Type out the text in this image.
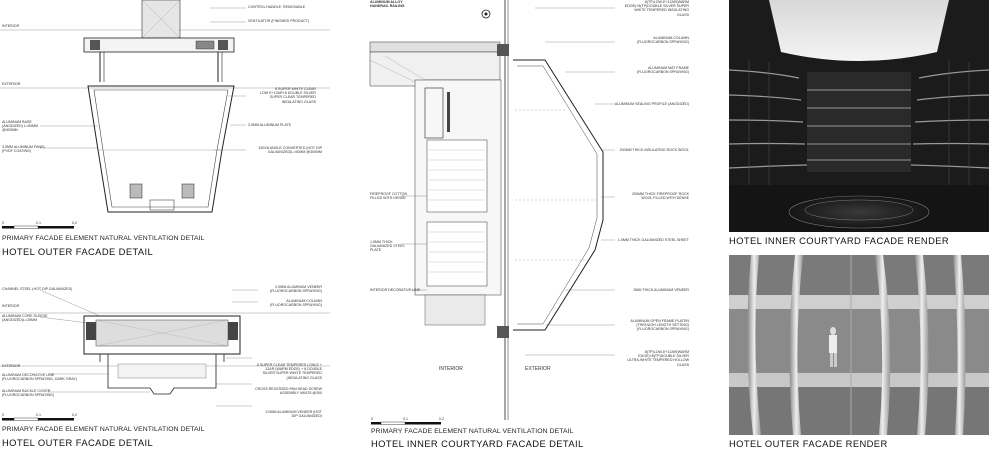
INTERIOR
EXTERIOR
CONTROL HANDLE, REMOVABLE
VENTILATOR (FINISHED PRODUCT)
8 SUPER WHITE CLEAR
LOW E+12AR+8 DOUBLE SILVER
SUPER CLEAR TEMPERED
INSULATING GLASS
3.0MM ALUMINUM PLATE
150X8 ANGLE CONVERTED (HOT DIP
GALVANIZED)L=50MM @300MM
ALUMINUM BASE
(ANODIZED) L=50MM
@300MM
3.0MM ALUMINUM PANEL
(PVDF COATING)
0	0.1	0.2
PRIMARY FACADE ELEMENT NATURAL VENTILATION DETAIL
HOTEL OUTER FACADE DETAIL
CHANNEL STEEL (HOT DIP GALVANIZED)
INTERIOR
ALUMINUM CORE SLEEVE
(ANODIZED)L=25MM
EXTERIOR
ALUMINUM DECORATIVE LINE
(FLUOROCARBON SPRAYING, DARK GRAY)
ALUMINUM BUCKLE COVER
(FLUOROCARBON SPRAYING)
2.0MM ALUMINUM VENEER
(FLUOROCARBON SPRAYING)
ALUMINUM COLUMN
(FLUOROCARBON SPRAYING)
8 SUPER CLEAR TEMPERED LOW-E +
12AR (WARM EDGE) + 8 DOUBLE
SILVER SUPER WHITE TEMPERED
(INSULATING GLASS
CROSS RECESSED PAN HEAD SCREW
ASSEMBLY M6X25 @300
3.0MM ALUMINUM VENEER (HOT
DIP GALVANIZED)
0	0.1	0.2
PRIMARY FACADE ELEMENT NATURAL VENTILATION DETAIL
HOTEL OUTER FACADE DETAIL
ALUMINUM ALLOY
HANDRAIL RAILING
8(TP)LOW-E+12AR(WARM
EDGE)+8(TP)DOUBLE SILVER SUPER
WHITE TEMPERED INSULATING
GLASS
ALUMINUM COLUMN
(FLUOROCARBON SPRAYING)
ALUMINUM MAT FRAME
(FLUOROCARBON SPRAYING)
ALUMINUM SEALING PROFILE (ANODIZED)
200MM THICK INSULATING ROCK WOOL
200MM THICK FIREPROOF ROCK
WOOL FILLED WITH DENSE
FIREPROOF COTTON
FILLED WITH DENSE
1.5MM THICK
GALVANIZED STEEL
PLATE
1.5MM THICK GALVANIZED STEEL SHEET
INTERIOR DECORATIVE LINE	3MM THICK ALUMINUM VENEER
ALUMINUM OPEN FRAME PLATEN
(THROUGH LENGTH SETTING)
(FLUOROCARBON SPRAYING)
8(TP)LOW-E+12AR(WARM
EDGE)+8(TP)DOUBLE SILVER
ULTRA-WHITE TEMPERED HOLLOW
GLASS
INTERIOR	EXTERIOR
0	0.1	0.2
PRIMARY FACADE ELEMENT NATURAL VENTILATION DETAIL
HOTEL INNER COURTYARD FACADE DETAIL
HOTEL INNER COURTYARD FACADE RENDER
HOTEL OUTER FACADE RENDER
